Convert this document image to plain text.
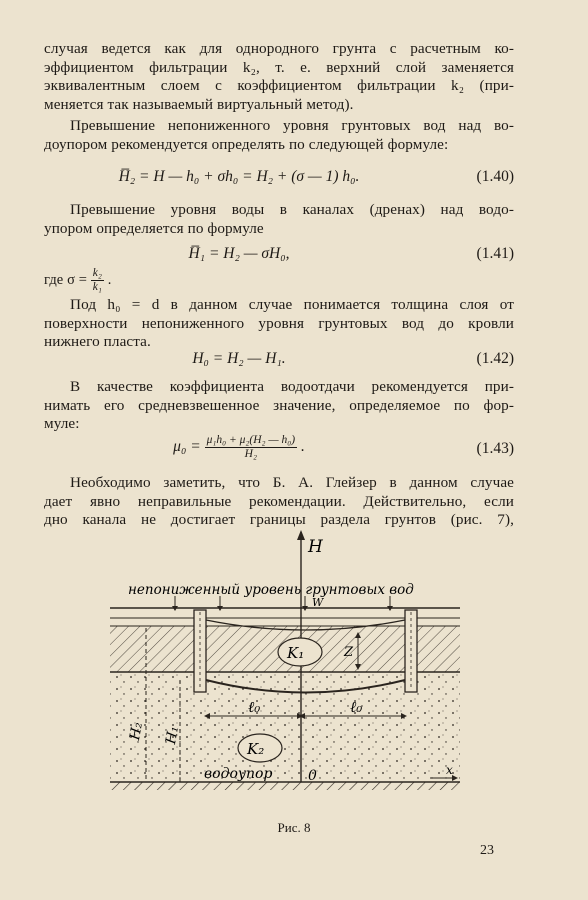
случая ведется как для однородного грунта с расчетным ко-
эффициентом фильтрации k₂, т. е. верхний слой заменяется
эквивалентным слоем с коэффициентом фильтрации k₂ (при-
меняется так называемый виртуальный метод).
Превышение непониженного уровня грунтовых вод над во-
доупором рекомендуется определять по следующей формуле:
H̅₂ = H — h₀ + σh₀ = H₂ + (σ — 1) h₀.	(1.40)
Превышение уровня воды в каналах (дренах) над водо-
упором определяется по формуле
H̅₁ = H₂ — σH₀,	(1.41)
где $\sigma = \frac{\text{k₂}}{\text{k₁}}$ .
Под h₀ = d в данном случае понимается толщина слоя от
поверхности непониженного уровня грунтовых вод до кровли
нижнего пласта.
H₀ = H₂ — H₁.	(1.42)
В качестве коэффициента водоотдачи рекомендуется при-
нимать его средневзвешенное значение, определяемое по фор-
муле:
$\mu_0 = \frac{\text{μ₁h₀ + μ₂(H₂ — h₀)}}{\text{H₂}}$ .	(1.43)
Необходимо заметить, что Б. А. Глейзер в данном случае
дает явно неправильные рекомендации. Действительно, если
дно канала не достигает границы раздела грунтов (рис. 7),
H
W
непониженный уровень грунтовых вод
Z
K₁
K₂
ℓ₀	ℓ₀
H₂ H₁
водоупор	0	x
Рис. 8
23
